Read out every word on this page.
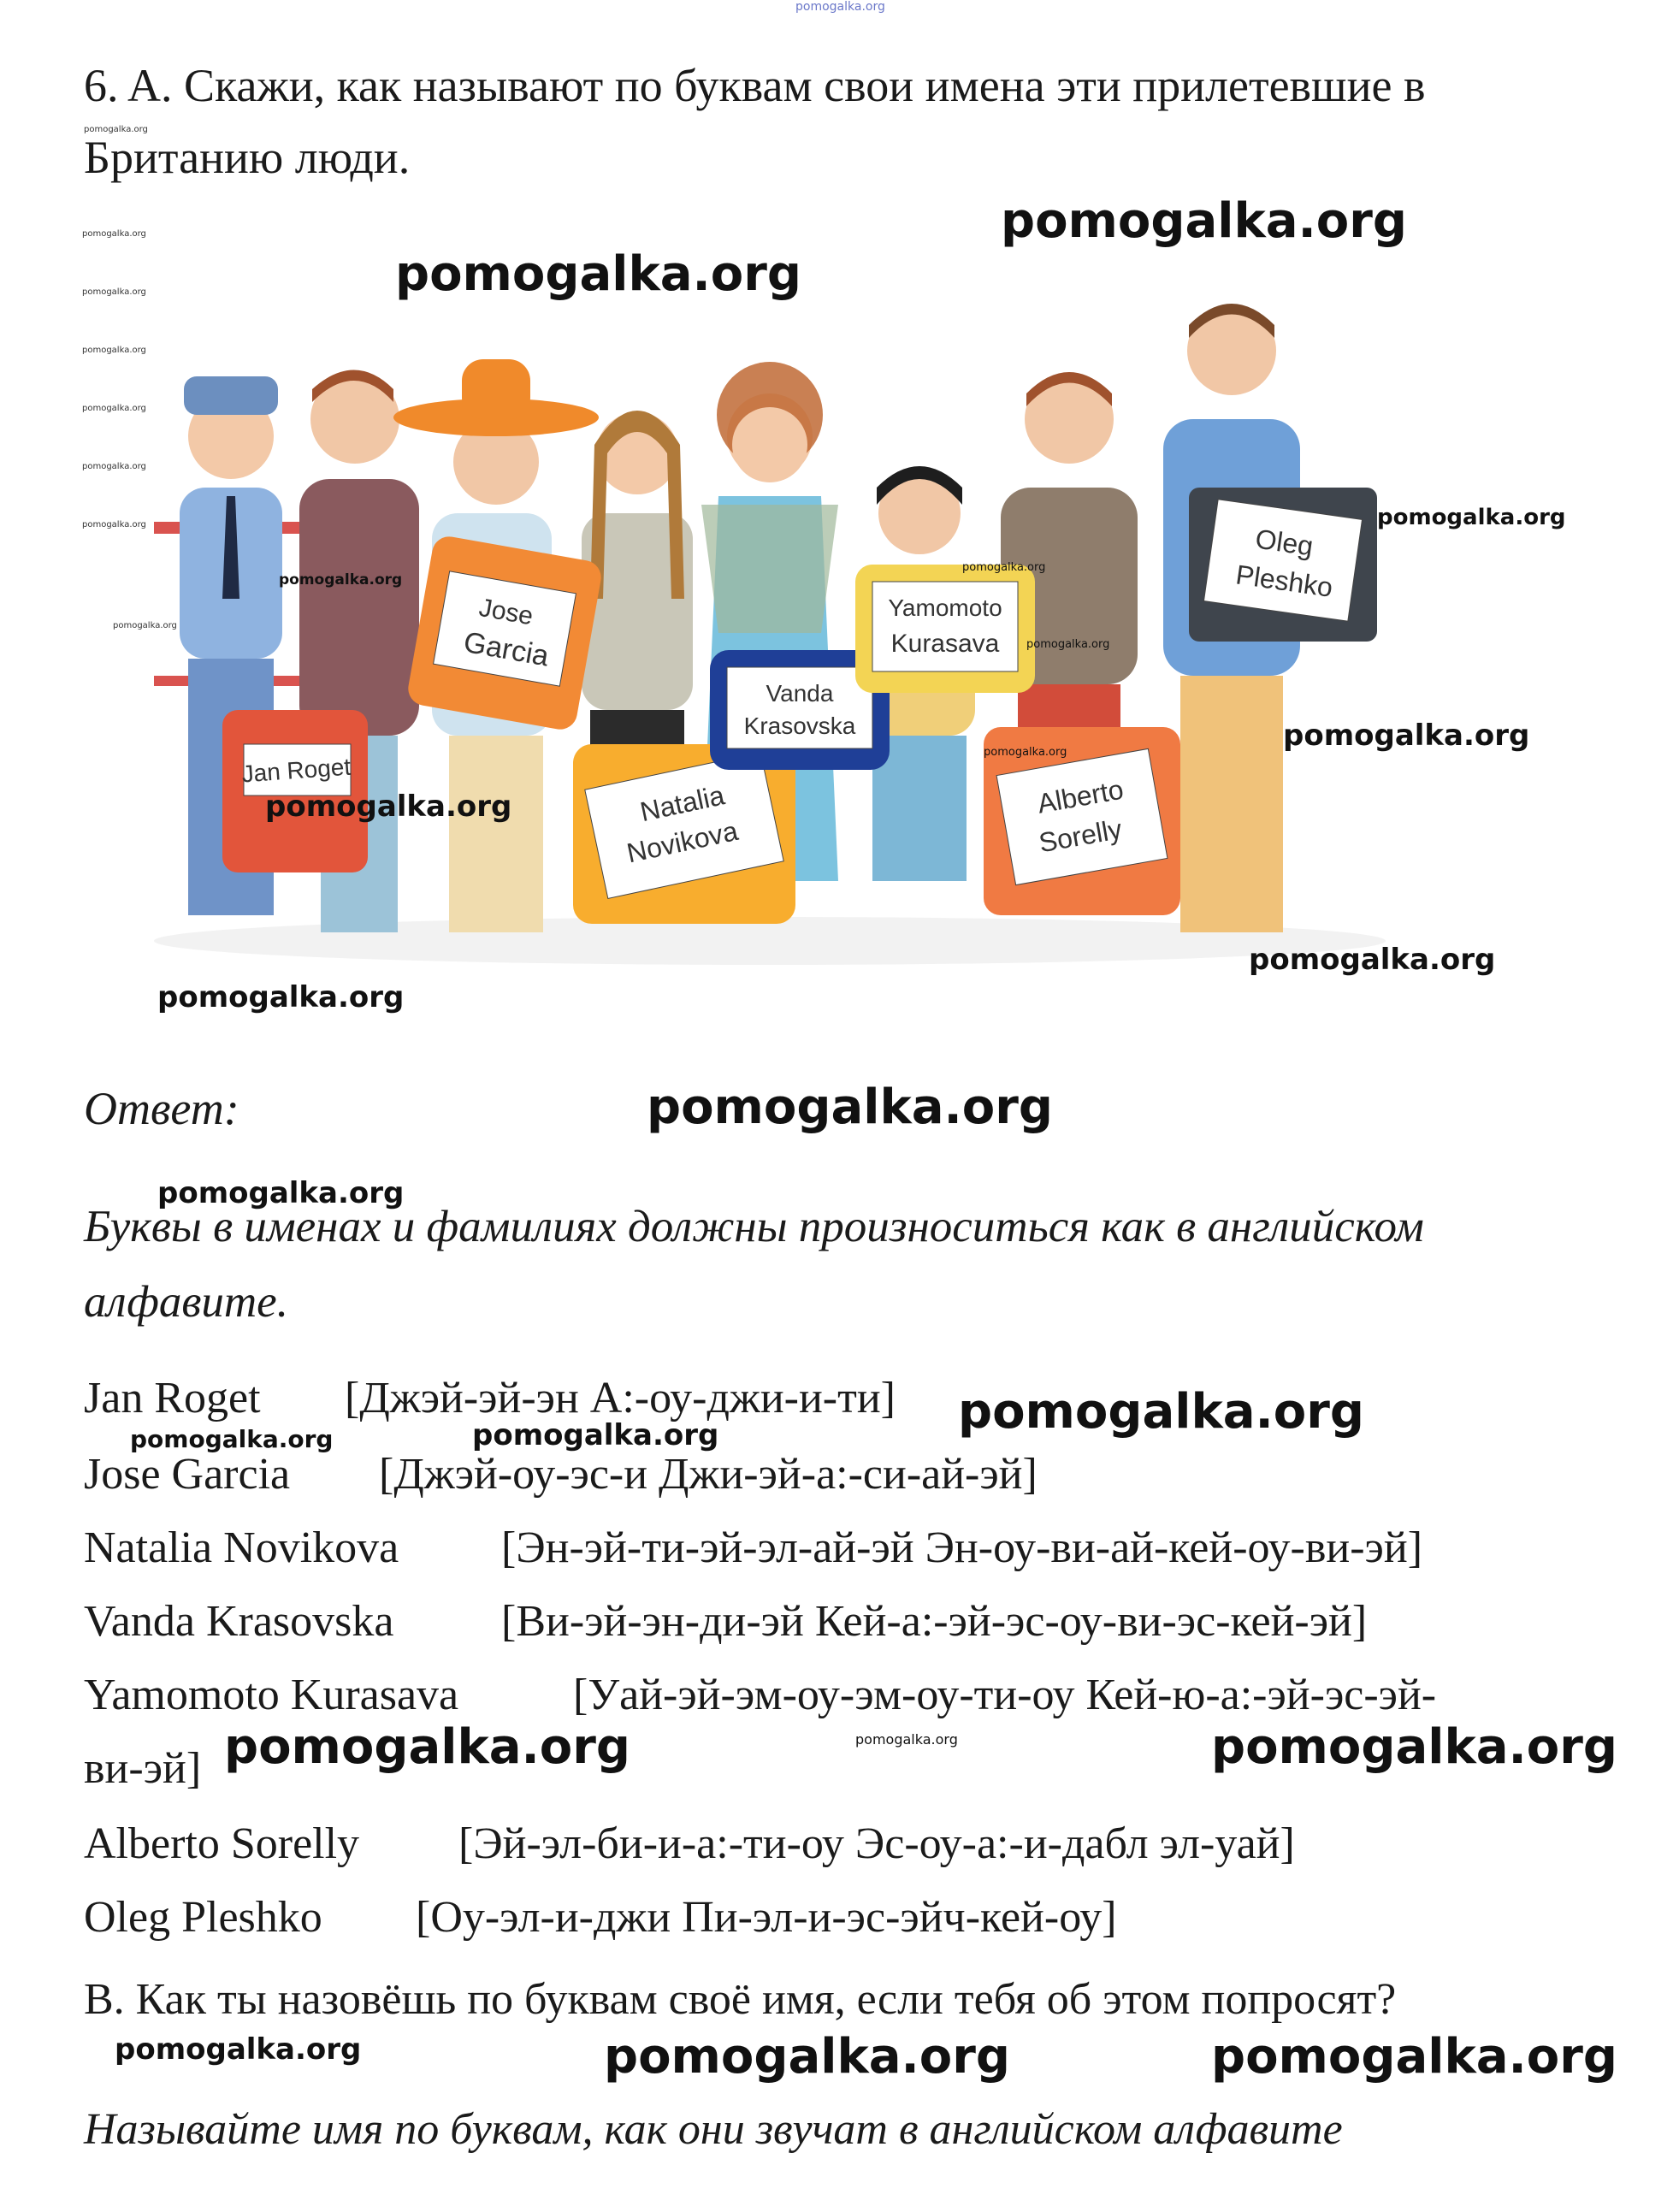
pomogalka.org
6. A. Скажи, как называют по буквам свои имена эти прилетевшие в Британию люди.
Jan Roget
Jose
Garcia
Natalia
Novikova
Vanda
Krasovska
Yamomoto
Kurasava
Alberto
Sorelly
Oleg
Pleshko
pomogalka.org
pomogalka.org
pomogalka.org
pomogalka.org
pomogalka.org
pomogalka.org
pomogalka.org
pomogalka.org
pomogalka.org
pomogalka.org
pomogalka.org
Ответ:	pomogalka.org
pomogalka.org
Буквы в именах и фамилиях должны произноситься как в английском алфавите.
Jan Roget [Джэй-эй-эн А:-оу-джи-и-ти] pomogalka.org
pomogalka.org	pomogalka.org
Jose Garcia [Джэй-оу-эс-и Джи-эй-а:-си-ай-эй]
Natalia Novikova [Эн-эй-ти-эй-эл-ай-эй Эн-оу-ви-ай-кей-оу-ви-эй]
Vanda Krasovska [Ви-эй-эн-ди-эй Кей-а:-эй-эс-оу-ви-эс-кей-эй]
Yamomoto Kurasava	[Уай-эй-эм-оу-эм-оу-ти-оу Кей-ю-а:-эй-эс-эй-
ви-эй] pomogalka.org	pomogalka.org
pomogalka.org
Alberto Sorelly [Эй-эл-би-и-а:-ти-оу Эс-оу-а:-и-дабл эл-уай]
Oleg Pleshko [Оу-эл-и-джи Пи-эл-и-эс-эйч-кей-оу]
B. Как ты назовёшь по буквам своё имя, если тебя об этом попросят?
pomogalka.org	pomogalka.org	pomogalka.org
Называйте имя по буквам, как они звучат в английском алфавите
pomogalka.org
pomogalka.org
pomogalka.org
pomogalka.org
pomogalka.org
pomogalka.org
pomogalka.org
pomogalka.org
